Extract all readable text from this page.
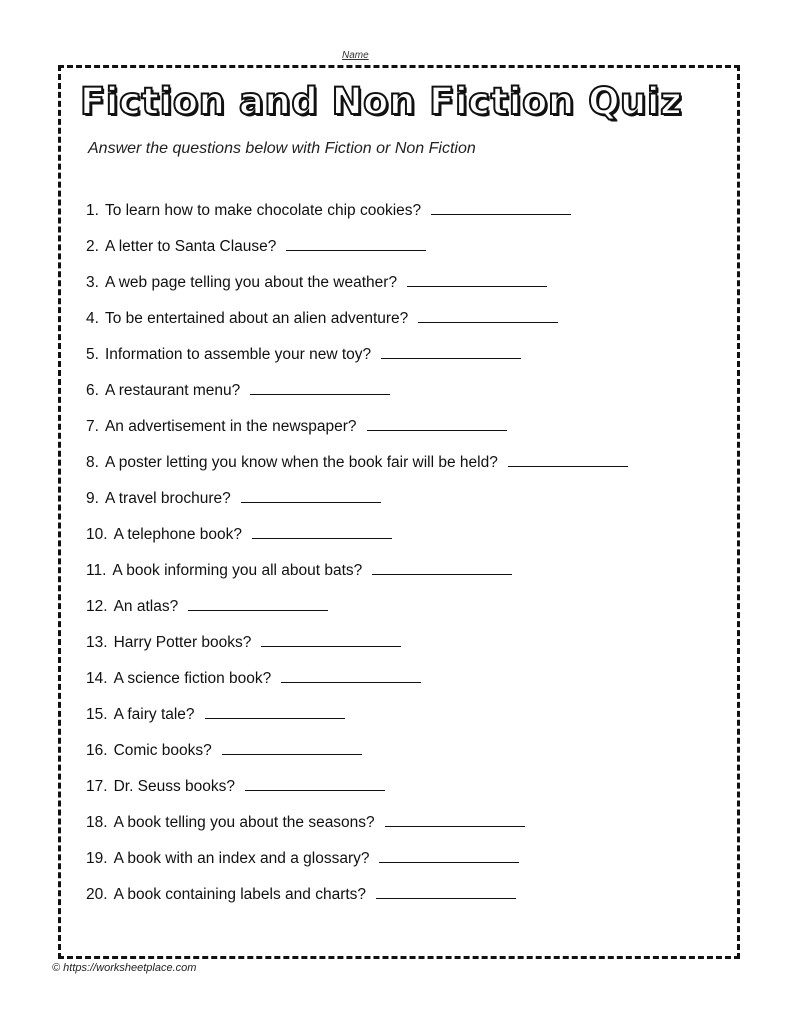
Name
Fiction and Non Fiction Quiz
Answer the questions below with Fiction or Non Fiction
1. To learn how to make chocolate chip cookies?
2. A letter to Santa Clause?
3. A web page telling you about the weather?
4. To be entertained about an alien adventure?
5. Information to assemble your new toy?
6. A restaurant menu?
7. An advertisement in the newspaper?
8. A poster letting you know when the book fair will be held?
9. A travel brochure?
10. A telephone book?
11. A book informing you all about bats?
12. An atlas?
13. Harry Potter books?
14. A science fiction book?
15. A fairy tale?
16. Comic books?
17. Dr. Seuss books?
18. A book telling you about the seasons?
19. A book with an index and a glossary?
20. A book containing labels and charts?
© https://worksheetplace.com
